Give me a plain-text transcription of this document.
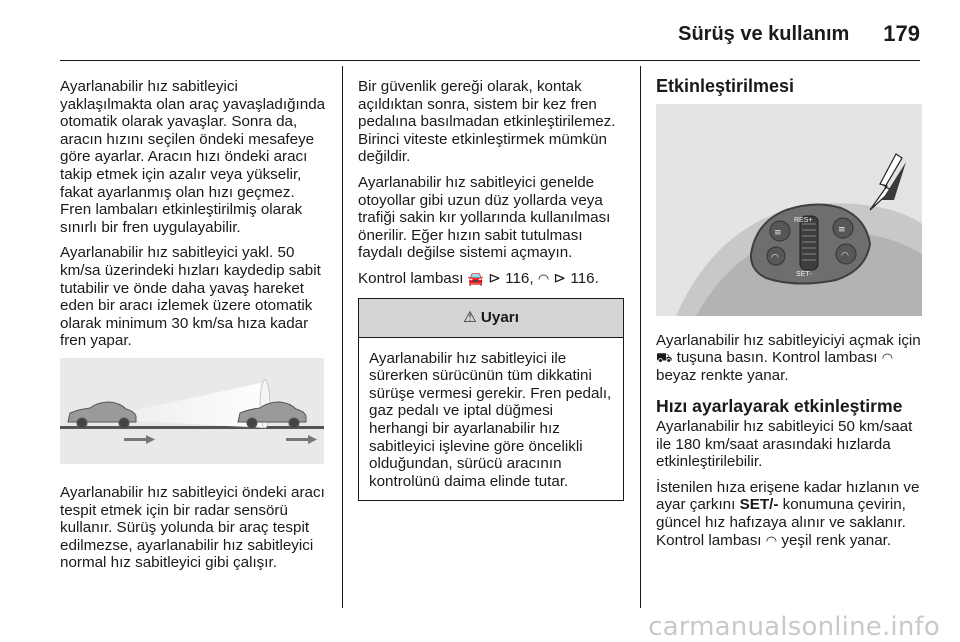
Sürüş ve kullanım 179

Ayarlanabilir hız sabitleyici yaklaşılmakta olan araç yavaşladığında otomatik olarak yavaşlar. Sonra da, aracın hızını seçilen öndeki mesafeye göre ayarlar. Aracın hızı öndeki aracı takip etmek için azalır veya yükselir, fakat ayarlanmış olan hızı geçmez. Fren lambaları etkinleştirilmiş olarak sınırlı bir fren uygulayabilir.

Ayarlanabilir hız sabitleyici yakl. 50 km/sa üzerindeki hızları kaydedip sabit tutabilir ve önde daha yavaş hareket eden bir aracı izlemek üzere otomatik olarak minimum 30 km/sa hıza kadar fren yapar.

Ayarlanabilir hız sabitleyici öndeki aracı tespit etmek için bir radar sensörü kullanır. Sürüş yolunda bir araç tespit edilmezse, ayarlanabilir hız sabitleyici normal hız sabitleyici gibi çalışır.

Bir güvenlik gereği olarak, kontak açıldıktan sonra, sistem bir kez fren pedalına basılmadan etkinleştirilemez. Birinci viteste etkinleştirmek mümkün değildir.

Ayarlanabilir hız sabitleyici genelde otoyollar gibi uzun düz yollarda veya trafiği sakin kır yollarında kullanılması önerilir. Eğer hızın sabit tutulması faydalı değilse sistemi açmayın.

Kontrol lambası 🚘 ⊳ 116, ◠ ⊳ 116.

⚠ Uyarı

Ayarlanabilir hız sabitleyici ile sürerken sürücünün tüm dikkatini sürüşe vermesi gerekir. Fren pedalı, gaz pedalı ve iptal düğmesi herhangi bir ayarlanabilir hız sabitleyici işlevine göre öncelikli olduğundan, sürücü aracının kontrolünü daima elinde tutar.

Etkinleştirilmesi
RES+
SET-
≡
◠
≡
◠

Ayarlanabilir hız sabitleyiciyi açmak için ⛟ tuşuna basın. Kontrol lambası ◠ beyaz renkte yanar.

Hızı ayarlayarak etkinleştirme

Ayarlanabilir hız sabitleyici 50 km/saat ile 180 km/saat arasındaki hızlarda etkinleştirilebilir.

İstenilen hıza erişene kadar hızlanın ve ayar çarkını SET/- konumuna çevirin, güncel hız hafızaya alınır ve saklanır. Kontrol lambası ◠ yeşil renk yanar.

carmanualsonline.info
